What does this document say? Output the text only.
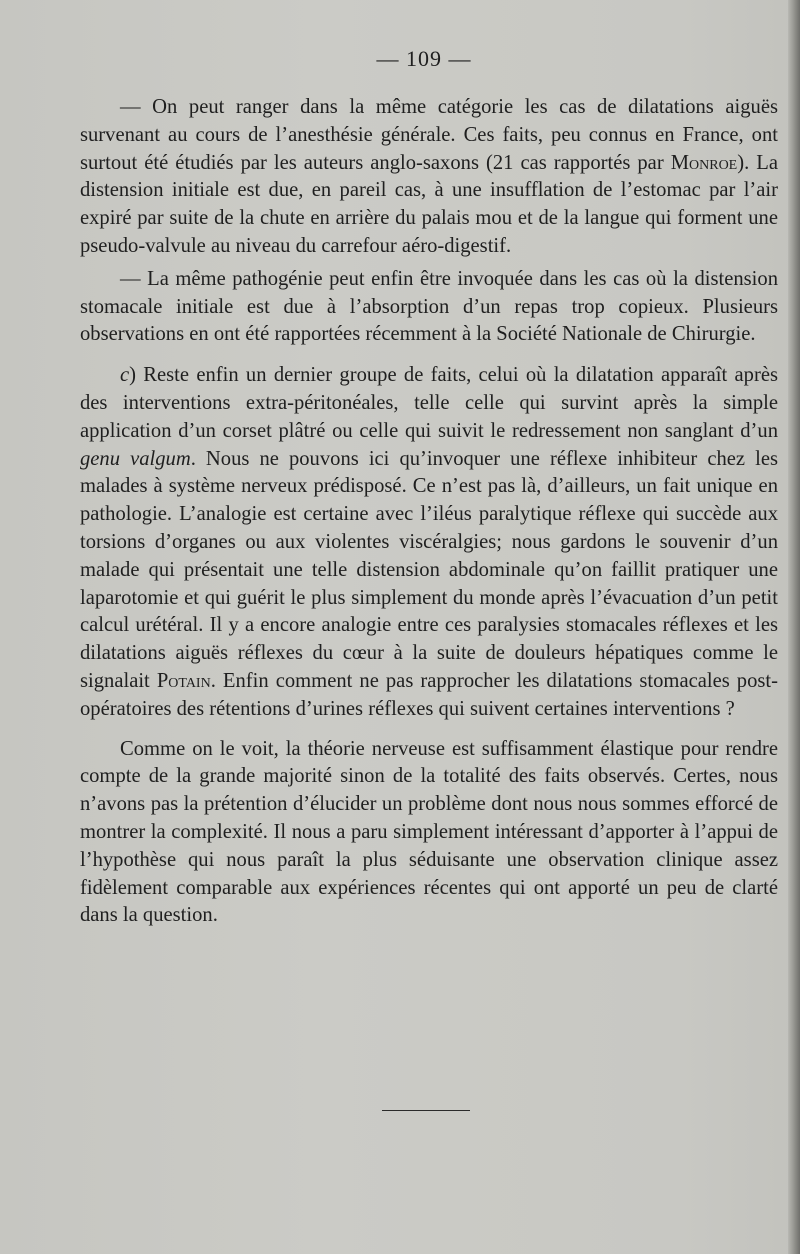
— 109 —

— On peut ranger dans la même catégorie les cas de dilatations aiguës survenant au cours de l’anesthésie générale. Ces faits, peu connus en France, ont surtout été étudiés par les auteurs anglo-saxons (21 cas rapportés par Monroe). La distension initiale est due, en pareil cas, à une insufflation de l’estomac par l’air expiré par suite de la chute en arrière du palais mou et de la langue qui forment une pseudo-valvule au niveau du carrefour aéro-digestif.

— La même pathogénie peut enfin être invoquée dans les cas où la distension stomacale initiale est due à l’absorption d’un repas trop copieux. Plusieurs observations en ont été rapportées récemment à la Société Nationale de Chirurgie.

c) Reste enfin un dernier groupe de faits, celui où la dilatation apparaît après des interventions extra-péritonéales, telle celle qui survint après la simple application d’un corset plâtré ou celle qui suivit le redressement non sanglant d’un genu valgum. Nous ne pouvons ici qu’invoquer une réflexe inhibiteur chez les malades à système nerveux prédisposé. Ce n’est pas là, d’ailleurs, un fait unique en pathologie. L’analogie est certaine avec l’iléus paralytique réflexe qui succède aux torsions d’organes ou aux violentes viscéralgies; nous gardons le souvenir d’un malade qui présentait une telle distension abdominale qu’on faillit pratiquer une laparotomie et qui guérit le plus simplement du monde après l’évacuation d’un petit calcul urétéral. Il y a encore analogie entre ces paralysies stomacales réflexes et les dilatations aiguës réflexes du cœur à la suite de douleurs hépatiques comme le signalait Potain. Enfin comment ne pas rapprocher les dilatations stomacales post-opératoires des rétentions d’urines réflexes qui suivent certaines interventions ?

Comme on le voit, la théorie nerveuse est suffisamment élastique pour rendre compte de la grande majorité sinon de la totalité des faits observés. Certes, nous n’avons pas la prétention d’élucider un problème dont nous nous sommes efforcé de montrer la complexité. Il nous a paru simplement intéressant d’apporter à l’appui de l’hypothèse qui nous paraît la plus séduisante une observation clinique assez fidèlement comparable aux expériences récentes qui ont apporté un peu de clarté dans la question.
